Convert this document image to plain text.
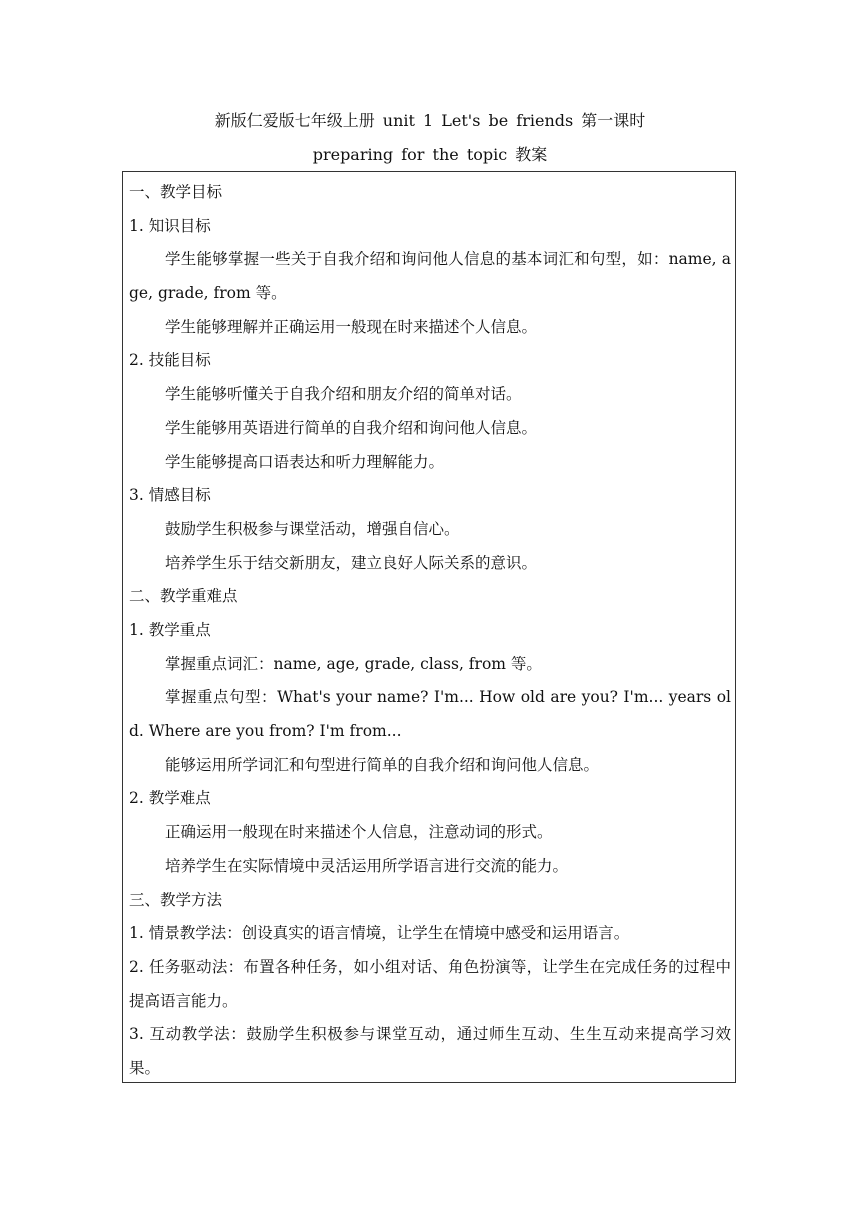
新版仁爱版七年级上册 unit 1 Let's be friends 第一课时
preparing for the topic 教案
一、教学目标
1. 知识目标
学生能够掌握一些关于自我介绍和询问他人信息的基本词汇和句型，如：name, age, grade, from 等。
学生能够理解并正确运用一般现在时来描述个人信息。
2. 技能目标
学生能够听懂关于自我介绍和朋友介绍的简单对话。
学生能够用英语进行简单的自我介绍和询问他人信息。
学生能够提高口语表达和听力理解能力。
3. 情感目标
鼓励学生积极参与课堂活动，增强自信心。
培养学生乐于结交新朋友，建立良好人际关系的意识。
二、教学重难点
1. 教学重点
掌握重点词汇：name, age, grade, class, from 等。
掌握重点句型：What's your name? I'm... How old are you? I'm... years old. Where are you from? I'm from...
能够运用所学词汇和句型进行简单的自我介绍和询问他人信息。
2. 教学难点
正确运用一般现在时来描述个人信息，注意动词的形式。
培养学生在实际情境中灵活运用所学语言进行交流的能力。
三、教学方法
1. 情景教学法：创设真实的语言情境，让学生在情境中感受和运用语言。
2. 任务驱动法：布置各种任务，如小组对话、角色扮演等，让学生在完成任务的过程中提高语言能力。
3. 互动教学法：鼓励学生积极参与课堂互动，通过师生互动、生生互动来提高学习效果。
